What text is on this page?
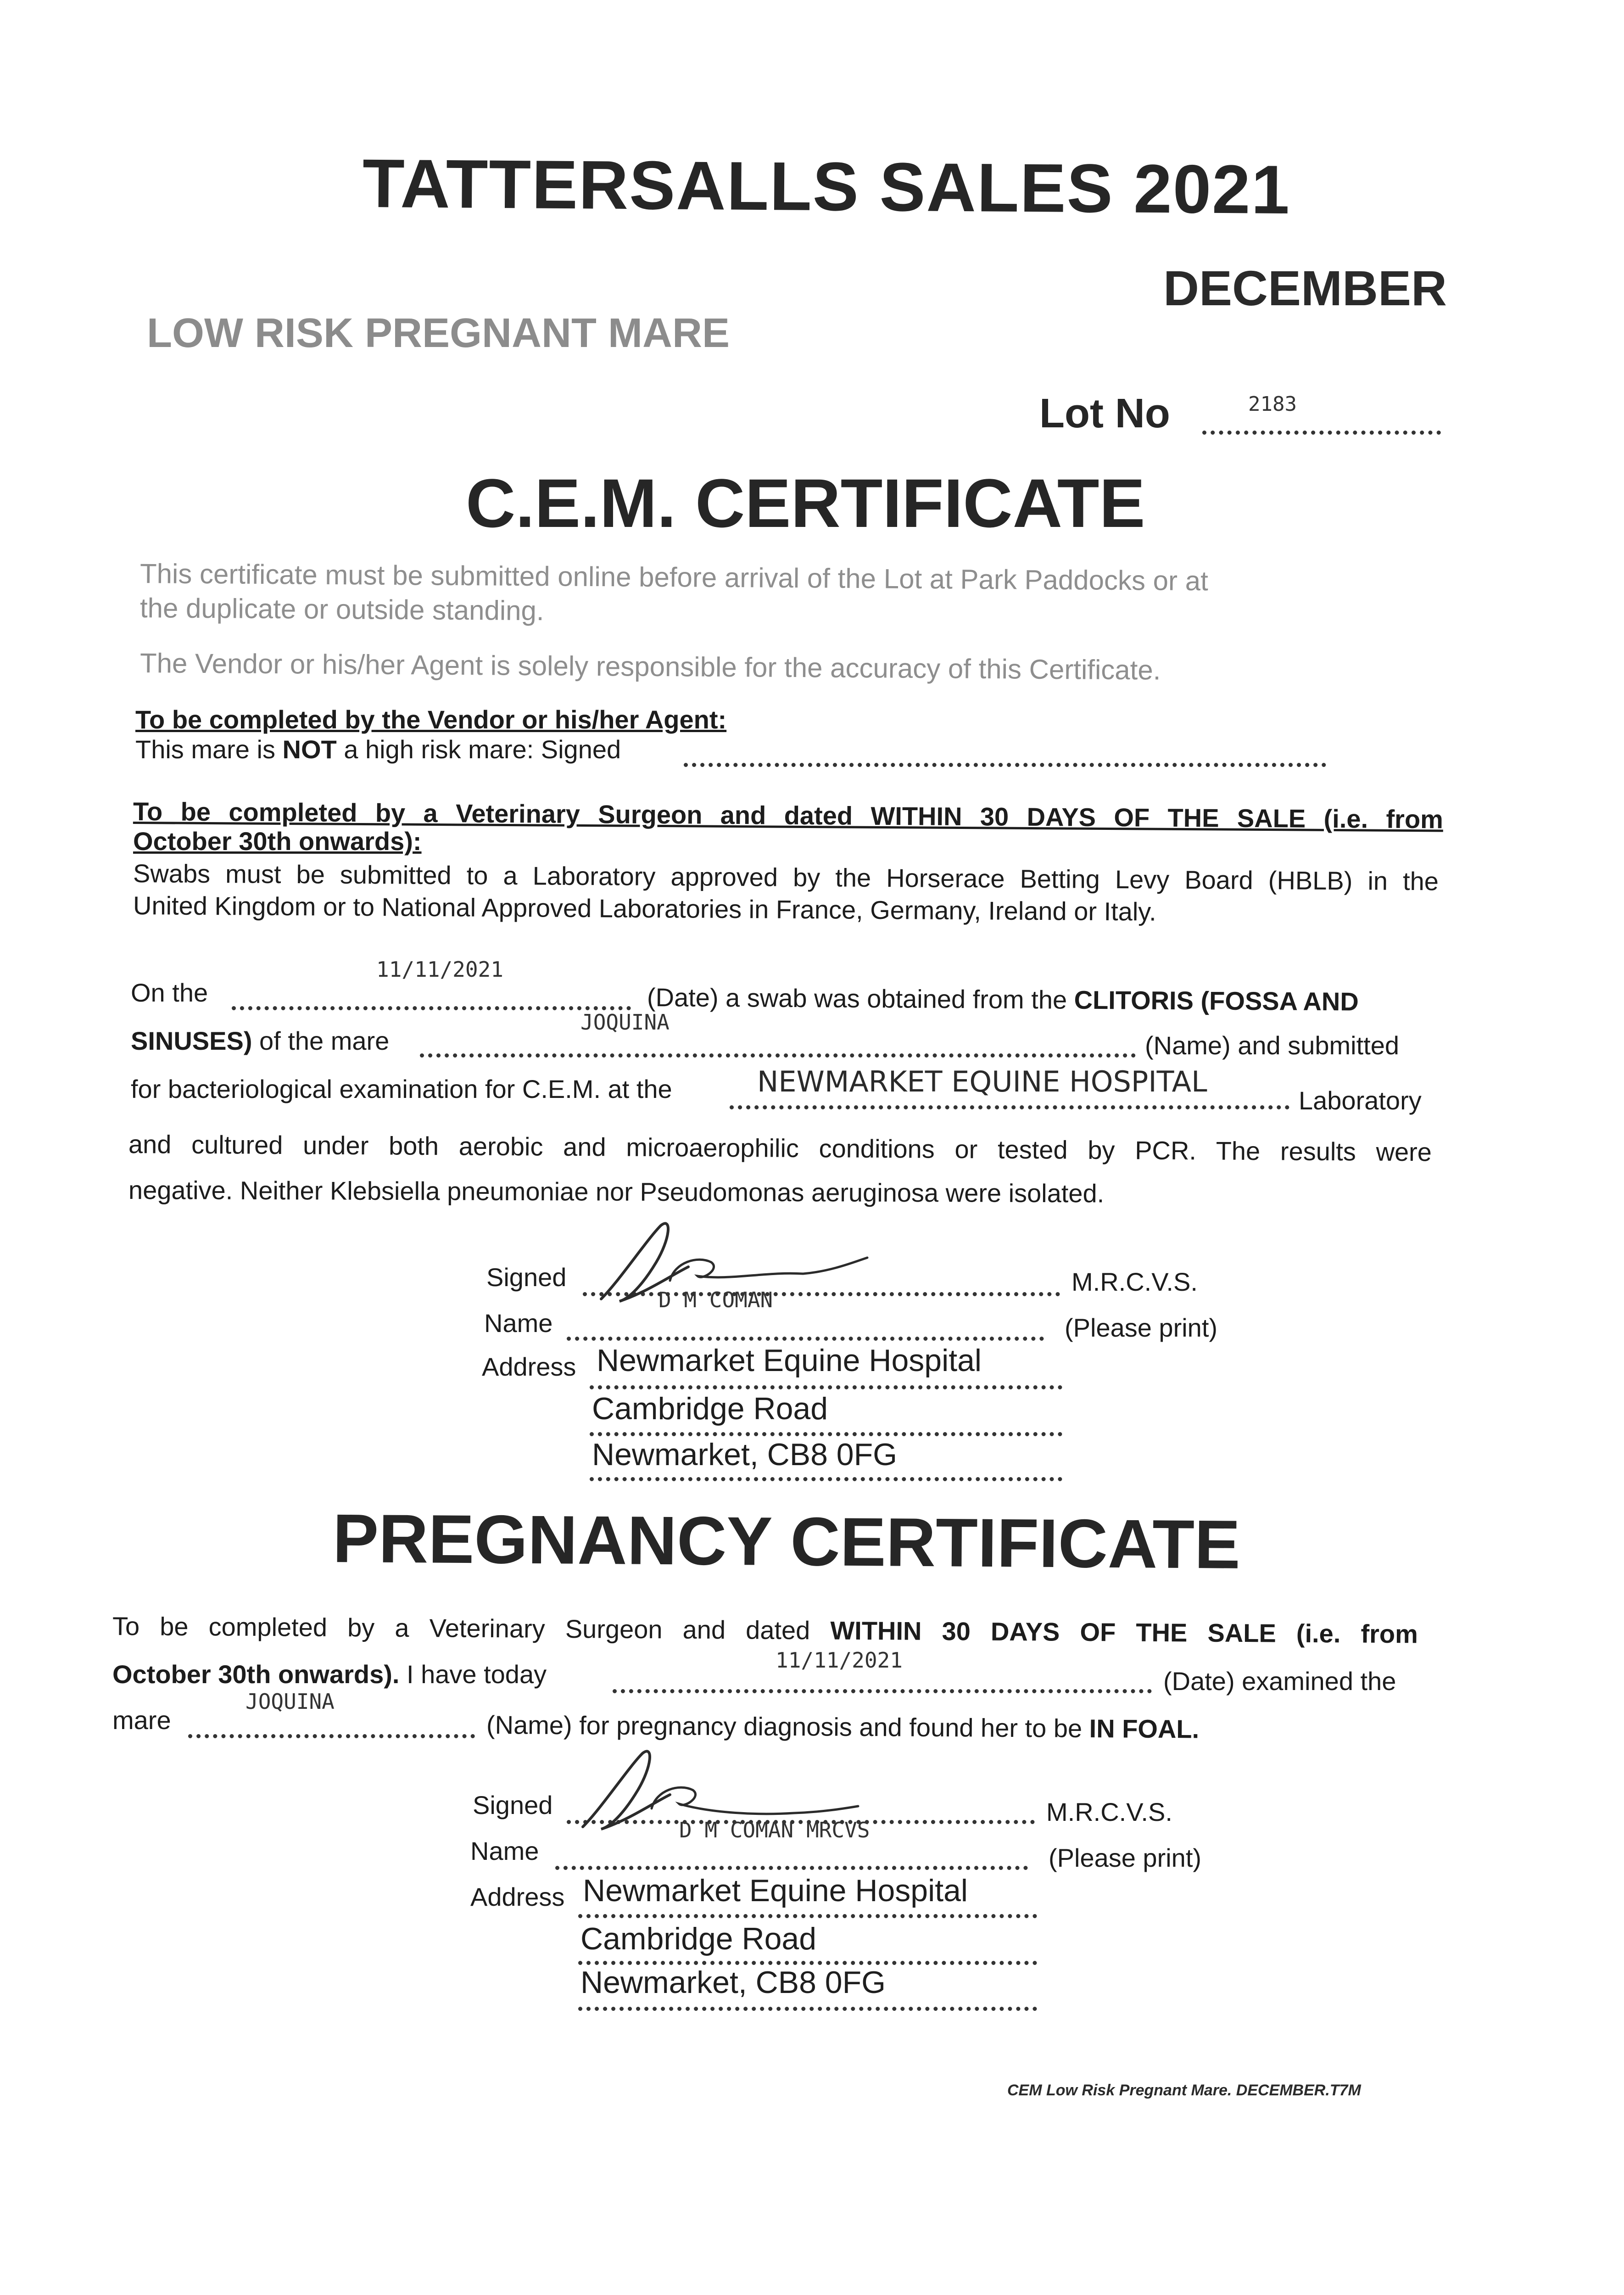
TATTERSALLS SALES 2021
DECEMBER
LOW RISK PREGNANT MARE
Lot No	2183
C.E.M. CERTIFICATE
This certificate must be submitted online before arrival of the Lot at Park Paddocks or at
the duplicate or outside standing.
The Vendor or his/her Agent is solely responsible for the accuracy of this Certificate.
To be completed by the Vendor or his/her Agent:
This mare is NOT a high risk mare: Signed
To be completed by a Veterinary Surgeon and dated WITHIN 30 DAYS OF THE SALE (i.e. from
October 30th onwards):
Swabs must be submitted to a Laboratory approved by the Horserace Betting Levy Board (HBLB) in the
United Kingdom or to National Approved Laboratories in France, Germany, Ireland or Italy.
11/11/2021
On the	(Date) a swab was obtained from the CLITORIS (FOSSA AND
SINUSES) of the mare
JOQUINA
(Name) and submitted
for bacteriological examination for C.E.M. at the	NEWMARKET EQUINE HOSPITAL
Laboratory
and cultured under both aerobic and microaerophilic conditions or tested by PCR. The results were
negative. Neither Klebsiella pneumoniae nor Pseudomonas aeruginosa were isolated.
Signed	M.R.C.V.S.
Name
D M COMAN
(Please print)
Address Newmarket Equine Hospital
Cambridge Road
Newmarket, CB8 0FG
PREGNANCY CERTIFICATE
To be completed by a Veterinary Surgeon and dated WITHIN 30 DAYS OF THE SALE (i.e. from
October 30th onwards). I have today	11/11/2021
(Date) examined the
mare
JOQUINA
(Name) for pregnancy diagnosis and found her to be IN FOAL.
Signed	M.R.C.V.S.
Name
D M COMAN MRCVS
(Please print)
Address Newmarket Equine Hospital
Cambridge Road
Newmarket, CB8 0FG
CEM Low Risk Pregnant Mare. DECEMBER.T7M
